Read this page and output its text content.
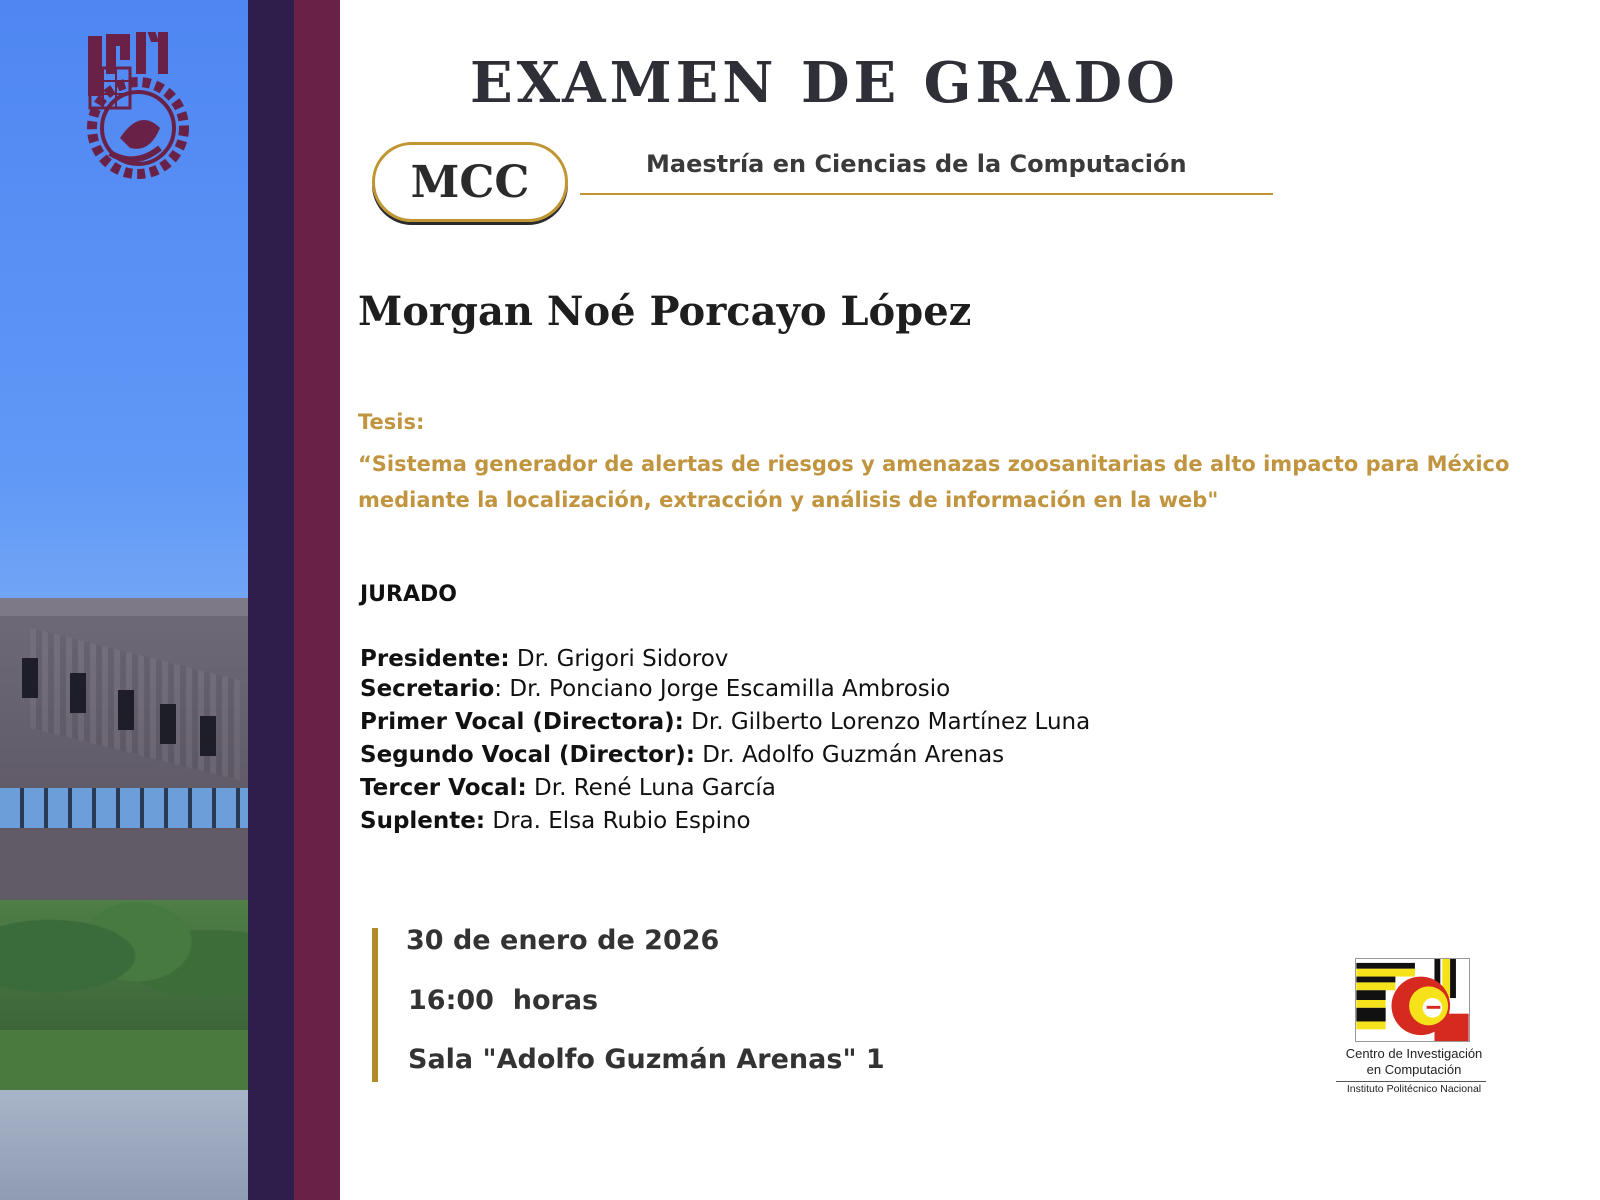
EXAMEN DE GRADO
MCC	Maestría en Ciencias de la Computación
Morgan Noé Porcayo López
Tesis:

“Sistema generador de alertas de riesgos y amenazas zoosanitarias de alto impacto para México mediante la localización, extracción y análisis de información en la web"

JURADO
Presidente: Dr. Grigori Sidorov
Secretario: Dr. Ponciano Jorge Escamilla Ambrosio
Primer Vocal (Directora): Dr. Gilberto Lorenzo Martínez Luna
Segundo Vocal (Director): Dr. Adolfo Guzmán Arenas
Tercer Vocal: Dr. René Luna García
Suplente: Dra. Elsa Rubio Espino
30 de enero de 2026
16:00  horas
Sala "Adolfo Guzmán Arenas" 1	Centro de Investigación
en Computación
Instituto Politécnico Nacional
